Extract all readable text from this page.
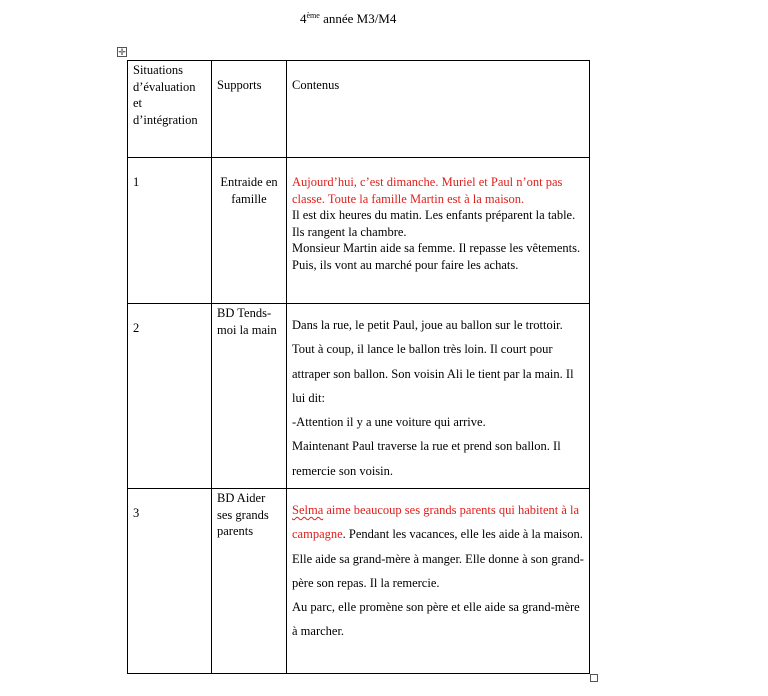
4ème année M3/M4
✛
Situations d’évaluation et d’intégration	Supports	Contenus

1	Entraide en famille	Aujourd’hui, c’est dimanche. Muriel et Paul n’ont pas classe. Toute la famille Martin est à la maison.
Il est dix heures du matin. Les enfants préparent la table. Ils rangent la chambre.
Monsieur Martin aide sa femme. Il repasse les vêtements. Puis, ils vont au marché pour faire les achats.

2	BD Tends-moi la main	Dans la rue, le petit Paul, joue au ballon sur le trottoir. Tout à coup, il lance le ballon très loin. Il court pour attraper son ballon. Son voisin Ali le tient par la main. Il lui dit:
-Attention il y a une voiture qui arrive.
Maintenant Paul traverse la rue et prend son ballon. Il remercie son voisin.

3	BD Aider ses grands parents	Selma aime beaucoup ses grands parents qui habitent à la campagne. Pendant les vacances, elle les aide à la maison. Elle aide sa grand-mère à manger. Elle donne à son grand-père son repas. Il la remercie.
Au parc, elle promène son père et elle aide sa grand-mère à marcher.
